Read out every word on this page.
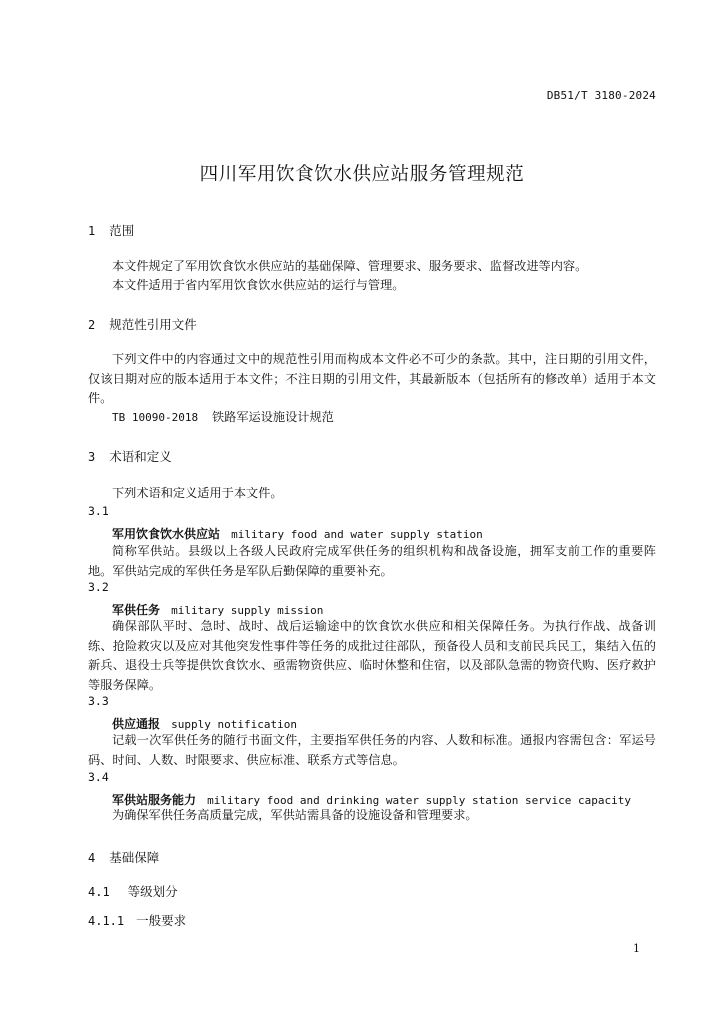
DB51/T 3180-2024
四川军用饮食饮水供应站服务管理规范
1 范围
本文件规定了军用饮食饮水供应站的基础保障、管理要求、服务要求、监督改进等内容。
本文件适用于省内军用饮食饮水供应站的运行与管理。
2 规范性引用文件

下列文件中的内容通过文中的规范性引用而构成本文件必不可少的条款。其中，注日期的引用文件，仅该日期对应的版本适用于本文件；不注日期的引用文件，其最新版本（包括所有的修改单）适用于本文件。

TB 10090-2018 铁路军运设施设计规范
3 术语和定义
下列术语和定义适用于本文件。
3.1
军用饮食饮水供应站 military food and water supply station

简称军供站。县级以上各级人民政府完成军供任务的组织机构和战备设施，拥军支前工作的重要阵地。军供站完成的军供任务是军队后勤保障的重要补充。

3.2
军供任务 military supply mission

确保部队平时、急时、战时、战后运输途中的饮食饮水供应和相关保障任务。为执行作战、战备训练、抢险救灾以及应对其他突发性事件等任务的成批过往部队，预备役人员和支前民兵民工，集结入伍的新兵、退役士兵等提供饮食饮水、亟需物资供应、临时休整和住宿，以及部队急需的物资代购、医疗救护等服务保障。

3.3
供应通报 supply notification

记载一次军供任务的随行书面文件，主要指军供任务的内容、人数和标准。通报内容需包含：军运号码、时间、人数、时限要求、供应标准、联系方式等信息。

3.4
军供站服务能力 military food and drinking water supply station service capacity
为确保军供任务高质量完成，军供站需具备的设施设备和管理要求。
4 基础保障
4.1 等级划分
4.1.1 一般要求
1
